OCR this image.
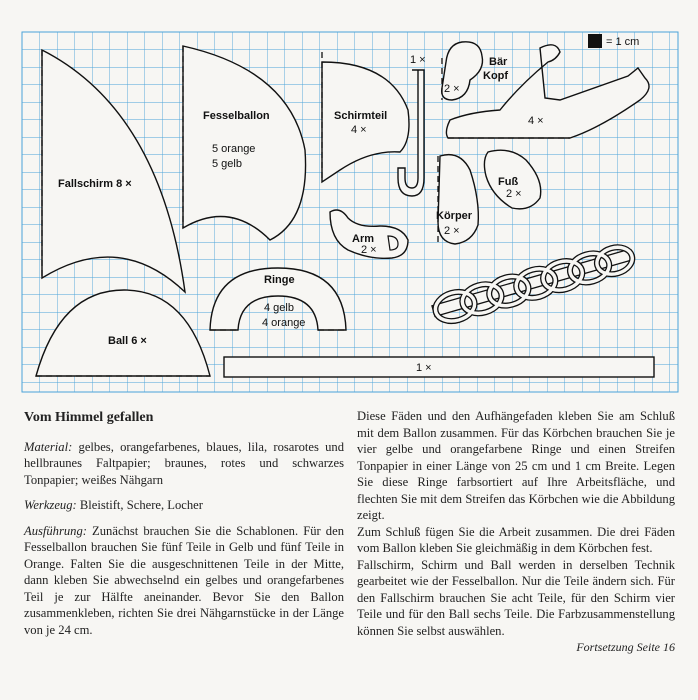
= 1 cm
Fallschirm 8 ×
Fesselballon
5 orange
5 gelb
Schirmteil
4 ×
1 ×
2 ×
Bär
Kopf
4 ×
Fuß
2 ×
Körper
2 ×
Arm
2 ×
Ringe
4 gelb
4 orange
Ball 6 ×
1 ×
Vom Himmel gefallen

Material: gelbes, orangefarbenes, blaues, lila, rosarotes und hellbraunes Faltpapier; braunes, rotes und schwarzes Tonpapier; weißes Nähgarn

Werkzeug: Bleistift, Schere, Locher

Ausführung: Zunächst brauchen Sie die Schablonen. Für den Fesselballon brauchen Sie fünf Teile in Gelb und fünf Teile in Orange. Falten Sie die ausgeschnittenen Teile in der Mitte, dann kleben Sie abwechselnd ein gelbes und orangefarbenes Teil je zur Hälfte aneinander. Bevor Sie den Ballon zusammenkleben, richten Sie drei Nähgarnstücke in der Länge von je 24 cm.

Diese Fäden und den Aufhängefaden kleben Sie am Schluß mit dem Ballon zusammen. Für das Körbchen brauchen Sie je vier gelbe und orangefarbene Ringe und einen Streifen Tonpapier in einer Länge von 25 cm und 1 cm Breite. Legen Sie diese Ringe farbsortiert auf Ihre Arbeitsfläche, und flechten Sie mit dem Streifen das Körbchen wie die Abbildung zeigt.

Zum Schluß fügen Sie die Arbeit zusammen. Die drei Fäden vom Ballon kleben Sie gleichmäßig in dem Körbchen fest.

Fallschirm, Schirm und Ball werden in derselben Technik gearbeitet wie der Fesselballon. Nur die Teile ändern sich. Für den Fallschirm brauchen Sie acht Teile, für den Schirm vier Teile und für den Ball sechs Teile. Die Farbzusammenstellung können Sie selbst auswählen.

Fortsetzung Seite 16
